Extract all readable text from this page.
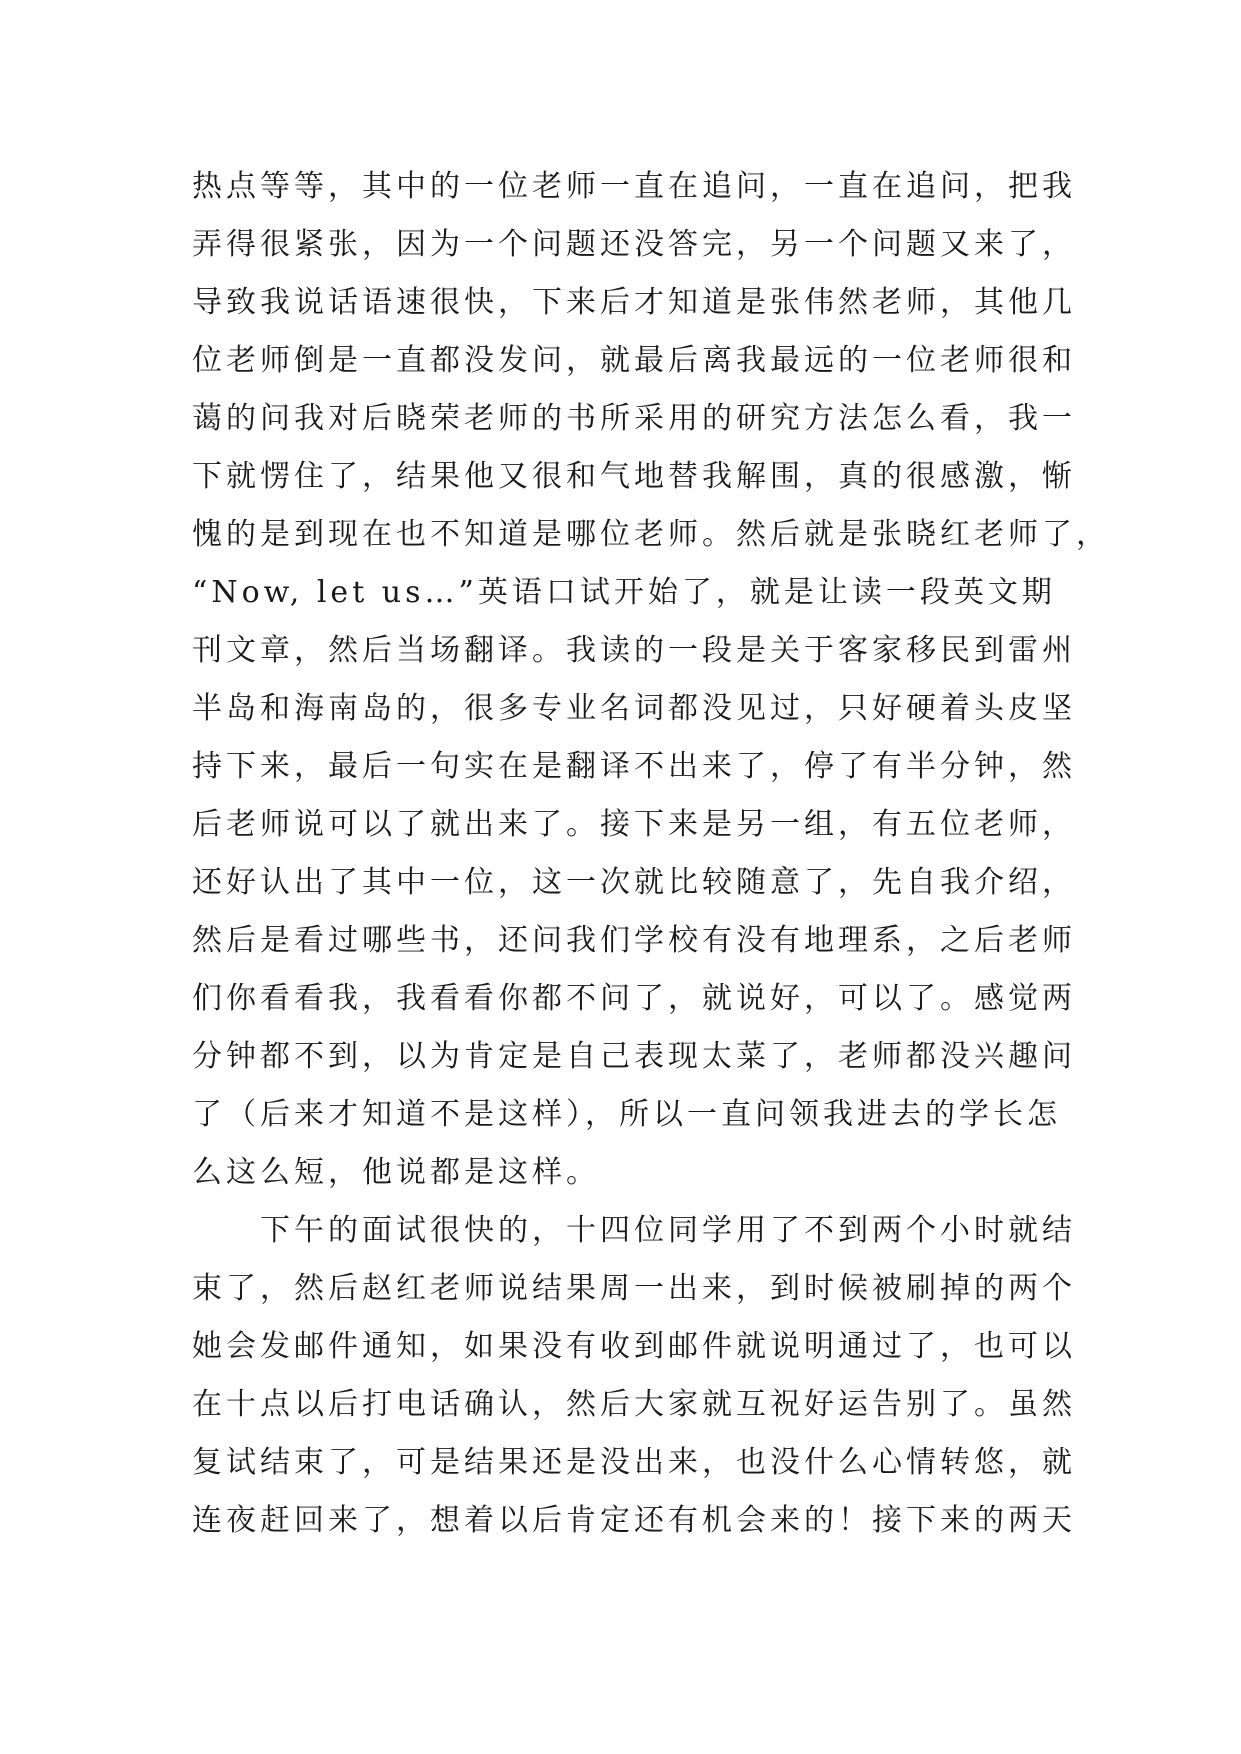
热点等等，其中的一位老师一直在追问，一直在追问，把我
弄得很紧张，因为一个问题还没答完，另一个问题又来了，
导致我说话语速很快，下来后才知道是张伟然老师，其他几
位老师倒是一直都没发问，就最后离我最远的一位老师很和
蔼的问我对后晓荣老师的书所采用的研究方法怎么看，我一
下就愣住了，结果他又很和气地替我解围，真的很感激，惭
愧的是到现在也不知道是哪位老师。然后就是张晓红老师了，
“Now, let us…”英语口试开始了，就是让读一段英文期
刊文章，然后当场翻译。我读的一段是关于客家移民到雷州
半岛和海南岛的，很多专业名词都没见过，只好硬着头皮坚
持下来，最后一句实在是翻译不出来了，停了有半分钟，然
后老师说可以了就出来了。接下来是另一组，有五位老师，
还好认出了其中一位，这一次就比较随意了，先自我介绍，
然后是看过哪些书，还问我们学校有没有地理系，之后老师
们你看看我，我看看你都不问了，就说好，可以了。感觉两
分钟都不到，以为肯定是自己表现太菜了，老师都没兴趣问
了（后来才知道不是这样），所以一直问领我进去的学长怎
么这么短，他说都是这样。
　　下午的面试很快的，十四位同学用了不到两个小时就结
束了，然后赵红老师说结果周一出来，到时候被刷掉的两个
她会发邮件通知，如果没有收到邮件就说明通过了，也可以
在十点以后打电话确认，然后大家就互祝好运告别了。虽然
复试结束了，可是结果还是没出来，也没什么心情转悠，就
连夜赶回来了，想着以后肯定还有机会来的！接下来的两天
